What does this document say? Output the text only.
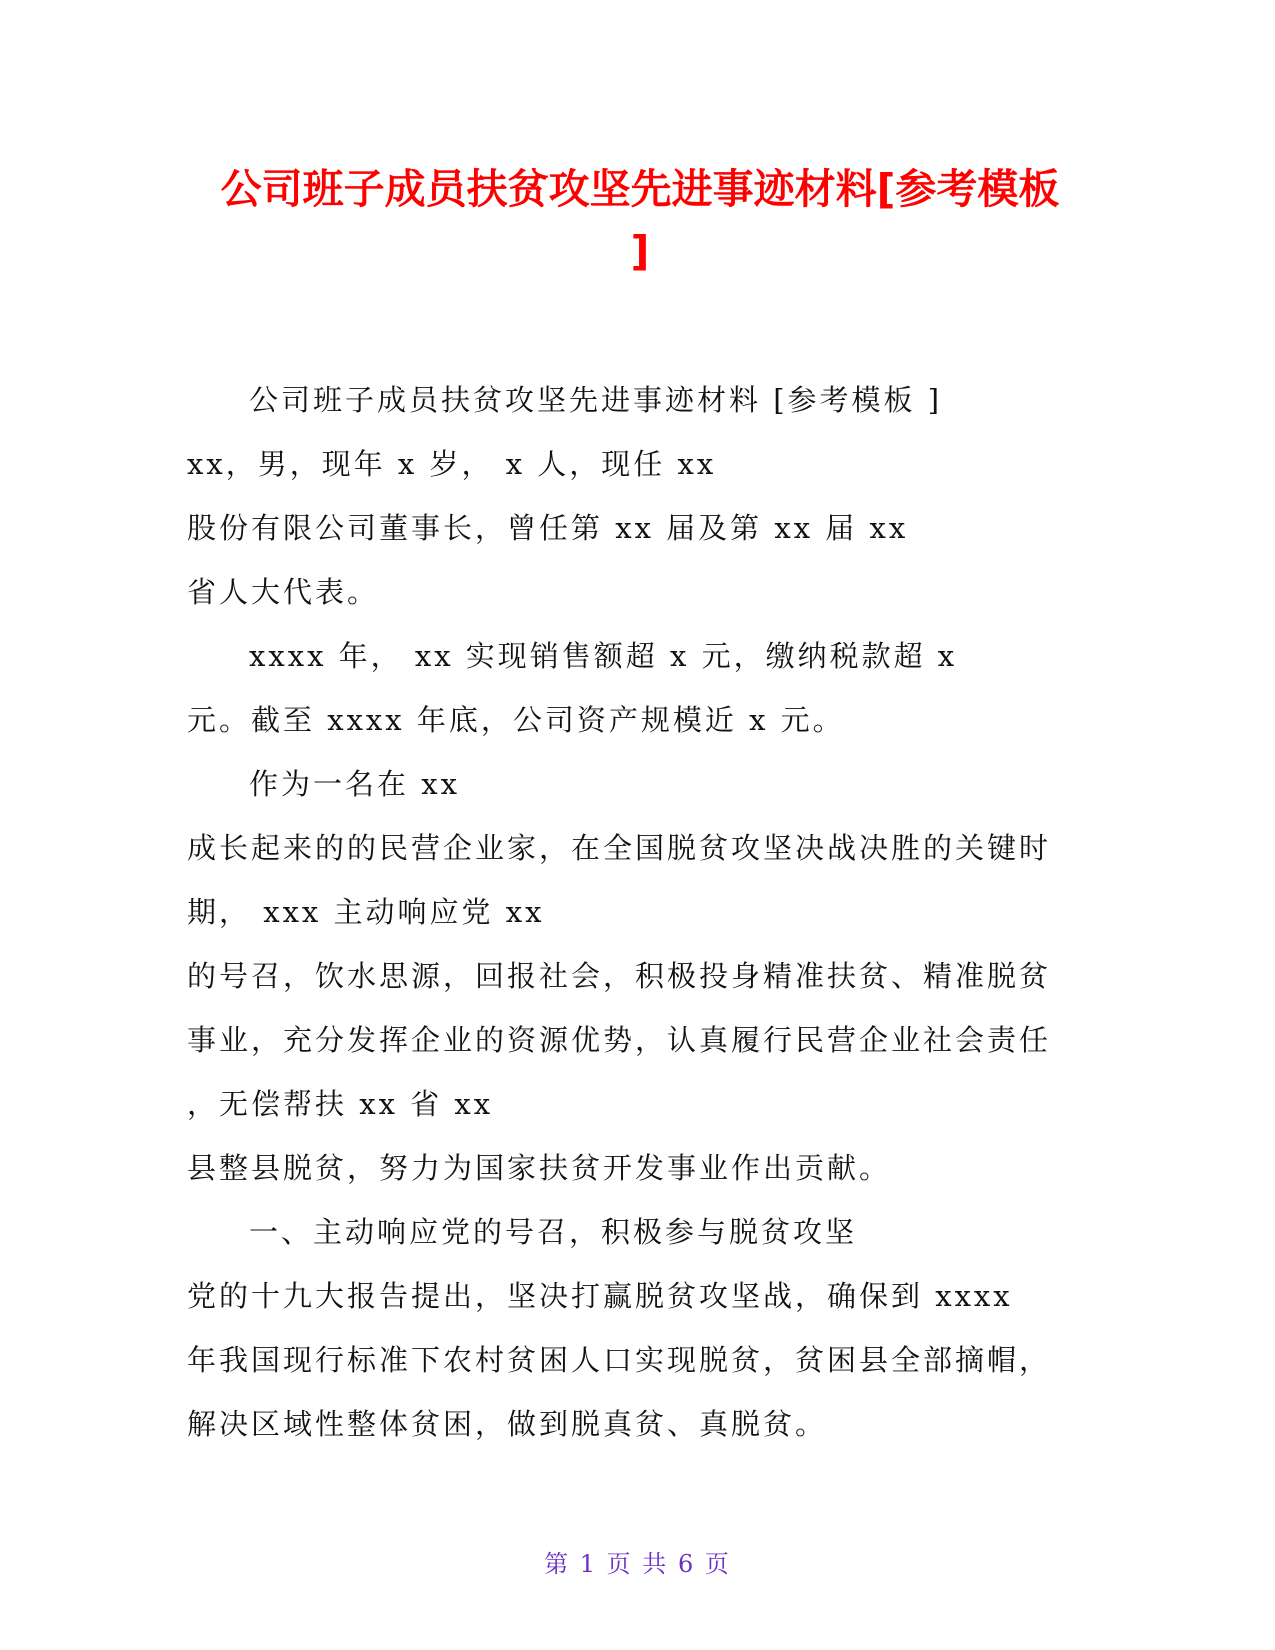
公司班子成员扶贫攻坚先进事迹材料[参考模板
]
公司班子成员扶贫攻坚先进事迹材料 [参考模板 ]
xx，男，现年 x 岁， x 人，现任 xx
股份有限公司董事长，曾任第 xx 届及第 xx 届 xx
省人大代表。
xxxx 年， xx 实现销售额超 x 元，缴纳税款超 x
元。截至 xxxx 年底，公司资产规模近 x 元。
作为一名在 xx
成长起来的的民营企业家，在全国脱贫攻坚决战决胜的关键时
期， xxx 主动响应党 xx
的号召，饮水思源，回报社会，积极投身精准扶贫、精准脱贫
事业，充分发挥企业的资源优势，认真履行民营企业社会责任
，无偿帮扶 xx 省 xx
县整县脱贫，努力为国家扶贫开发事业作出贡献。
一、主动响应党的号召，积极参与脱贫攻坚
党的十九大报告提出，坚决打赢脱贫攻坚战，确保到 xxxx
年我国现行标准下农村贫困人口实现脱贫，贫困县全部摘帽，
解决区域性整体贫困，做到脱真贫、真脱贫。
第 1 页 共 6 页
